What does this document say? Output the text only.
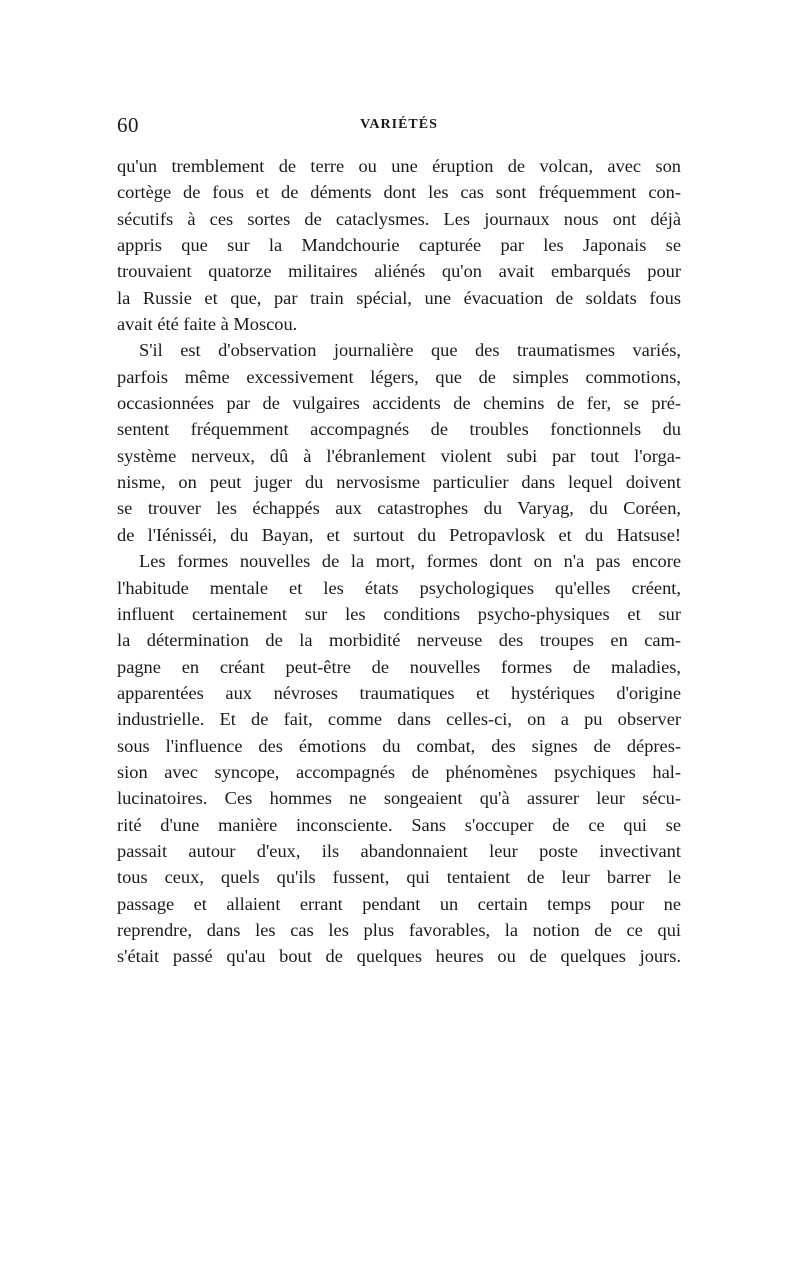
60	VARIÉTÉS
qu'un tremblement de terre ou une éruption de volcan, avec son
cortège de fous et de déments dont les cas sont fréquemment con-
sécutifs à ces sortes de cataclysmes. Les journaux nous ont déjà
appris que sur la Mandchourie capturée par les Japonais se
trouvaient quatorze militaires aliénés qu'on avait embarqués pour
la Russie et que, par train spécial, une évacuation de soldats fous
avait été faite à Moscou.
S'il est d'observation journalière que des traumatismes variés,
parfois même excessivement légers, que de simples commotions,
occasionnées par de vulgaires accidents de chemins de fer, se pré-
sentent fréquemment accompagnés de troubles fonctionnels du
système nerveux, dû à l'ébranlement violent subi par tout l'orga-
nisme, on peut juger du nervosisme particulier dans lequel doivent
se trouver les échappés aux catastrophes du Varyag, du Coréen,
de l'Iénisséi, du Bayan, et surtout du Petropavlosk et du Hatsuse!
Les formes nouvelles de la mort, formes dont on n'a pas encore
l'habitude mentale et les états psychologiques qu'elles créent,
influent certainement sur les conditions psycho-physiques et sur
la détermination de la morbidité nerveuse des troupes en cam-
pagne en créant peut-être de nouvelles formes de maladies,
apparentées aux névroses traumatiques et hystériques d'origine
industrielle. Et de fait, comme dans celles-ci, on a pu observer
sous l'influence des émotions du combat, des signes de dépres-
sion avec syncope, accompagnés de phénomènes psychiques hal-
lucinatoires. Ces hommes ne songeaient qu'à assurer leur sécu-
rité d'une manière inconsciente. Sans s'occuper de ce qui se
passait autour d'eux, ils abandonnaient leur poste invectivant
tous ceux, quels qu'ils fussent, qui tentaient de leur barrer le
passage et allaient errant pendant un certain temps pour ne
reprendre, dans les cas les plus favorables, la notion de ce qui
s'était passé qu'au bout de quelques heures ou de quelques jours.
